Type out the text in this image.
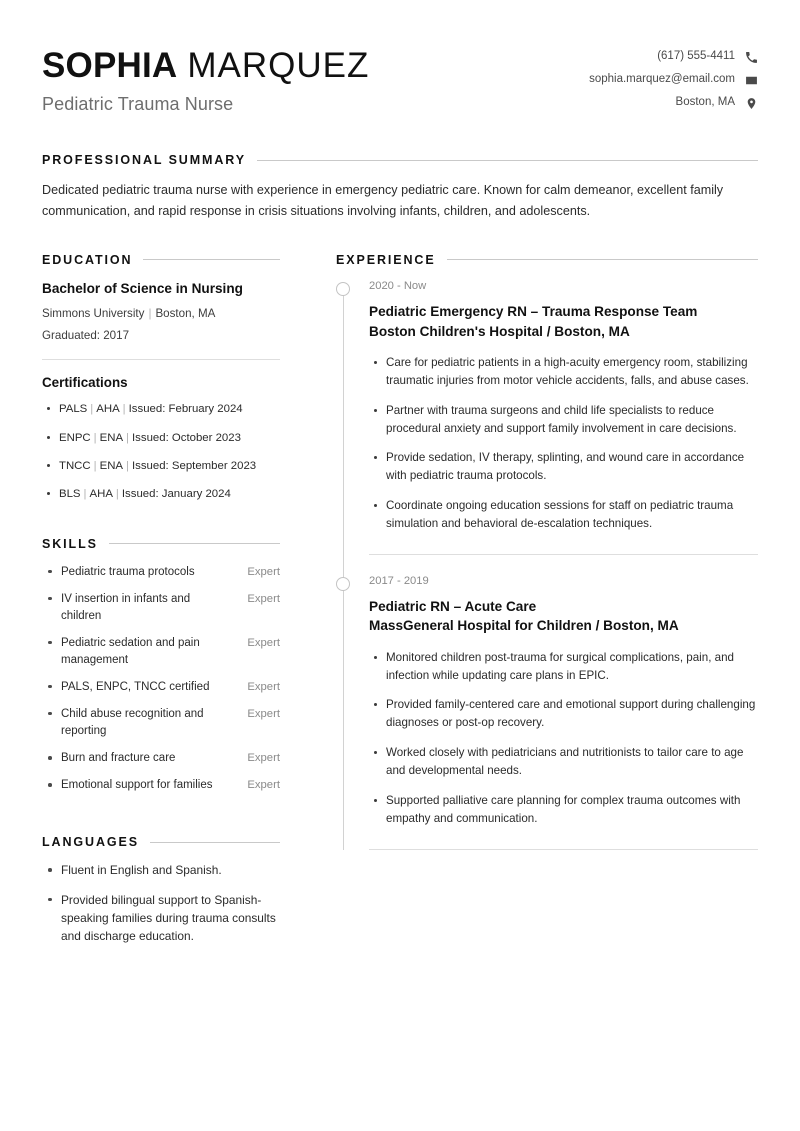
SOPHIA MARQUEZ
Pediatric Trauma Nurse
(617) 555-4411
sophia.marquez@email.com
Boston, MA
PROFESSIONAL SUMMARY

Dedicated pediatric trauma nurse with experience in emergency pediatric care. Known for calm demeanor, excellent family communication, and rapid response in crisis situations involving infants, children, and adolescents.

EDUCATION
Bachelor of Science in Nursing
Simmons University | Boston, MA
Graduated: 2017
Certifications
PALS | AHA | Issued: February 2024
ENPC | ENA | Issued: October 2023
TNCC | ENA | Issued: September 2023
BLS | AHA | Issued: January 2024
SKILLS
Pediatric trauma protocols	Expert
IV insertion in infants and children
Expert
Pediatric sedation and pain management
Expert
PALS, ENPC, TNCC certified	Expert
Child abuse recognition and reporting
Expert
Burn and fracture care	Expert
Emotional support for families	Expert
LANGUAGES
Fluent in English and Spanish.
Provided bilingual support to Spanish-speaking families during trauma consults and discharge education.
EXPERIENCE
2020 - Now
Pediatric Emergency RN – Trauma Response Team
Boston Children's Hospital / Boston, MA
Care for pediatric patients in a high-acuity emergency room, stabilizing traumatic injuries from motor vehicle accidents, falls, and abuse cases.
Partner with trauma surgeons and child life specialists to reduce procedural anxiety and support family involvement in care decisions.
Provide sedation, IV therapy, splinting, and wound care in accordance with pediatric trauma protocols.
Coordinate ongoing education sessions for staff on pediatric trauma simulation and behavioral de-escalation techniques.
2017 - 2019
Pediatric RN – Acute Care
MassGeneral Hospital for Children / Boston, MA
Monitored children post-trauma for surgical complications, pain, and infection while updating care plans in EPIC.
Provided family-centered care and emotional support during challenging diagnoses or post-op recovery.
Worked closely with pediatricians and nutritionists to tailor care to age and developmental needs.
Supported palliative care planning for complex trauma outcomes with empathy and communication.
